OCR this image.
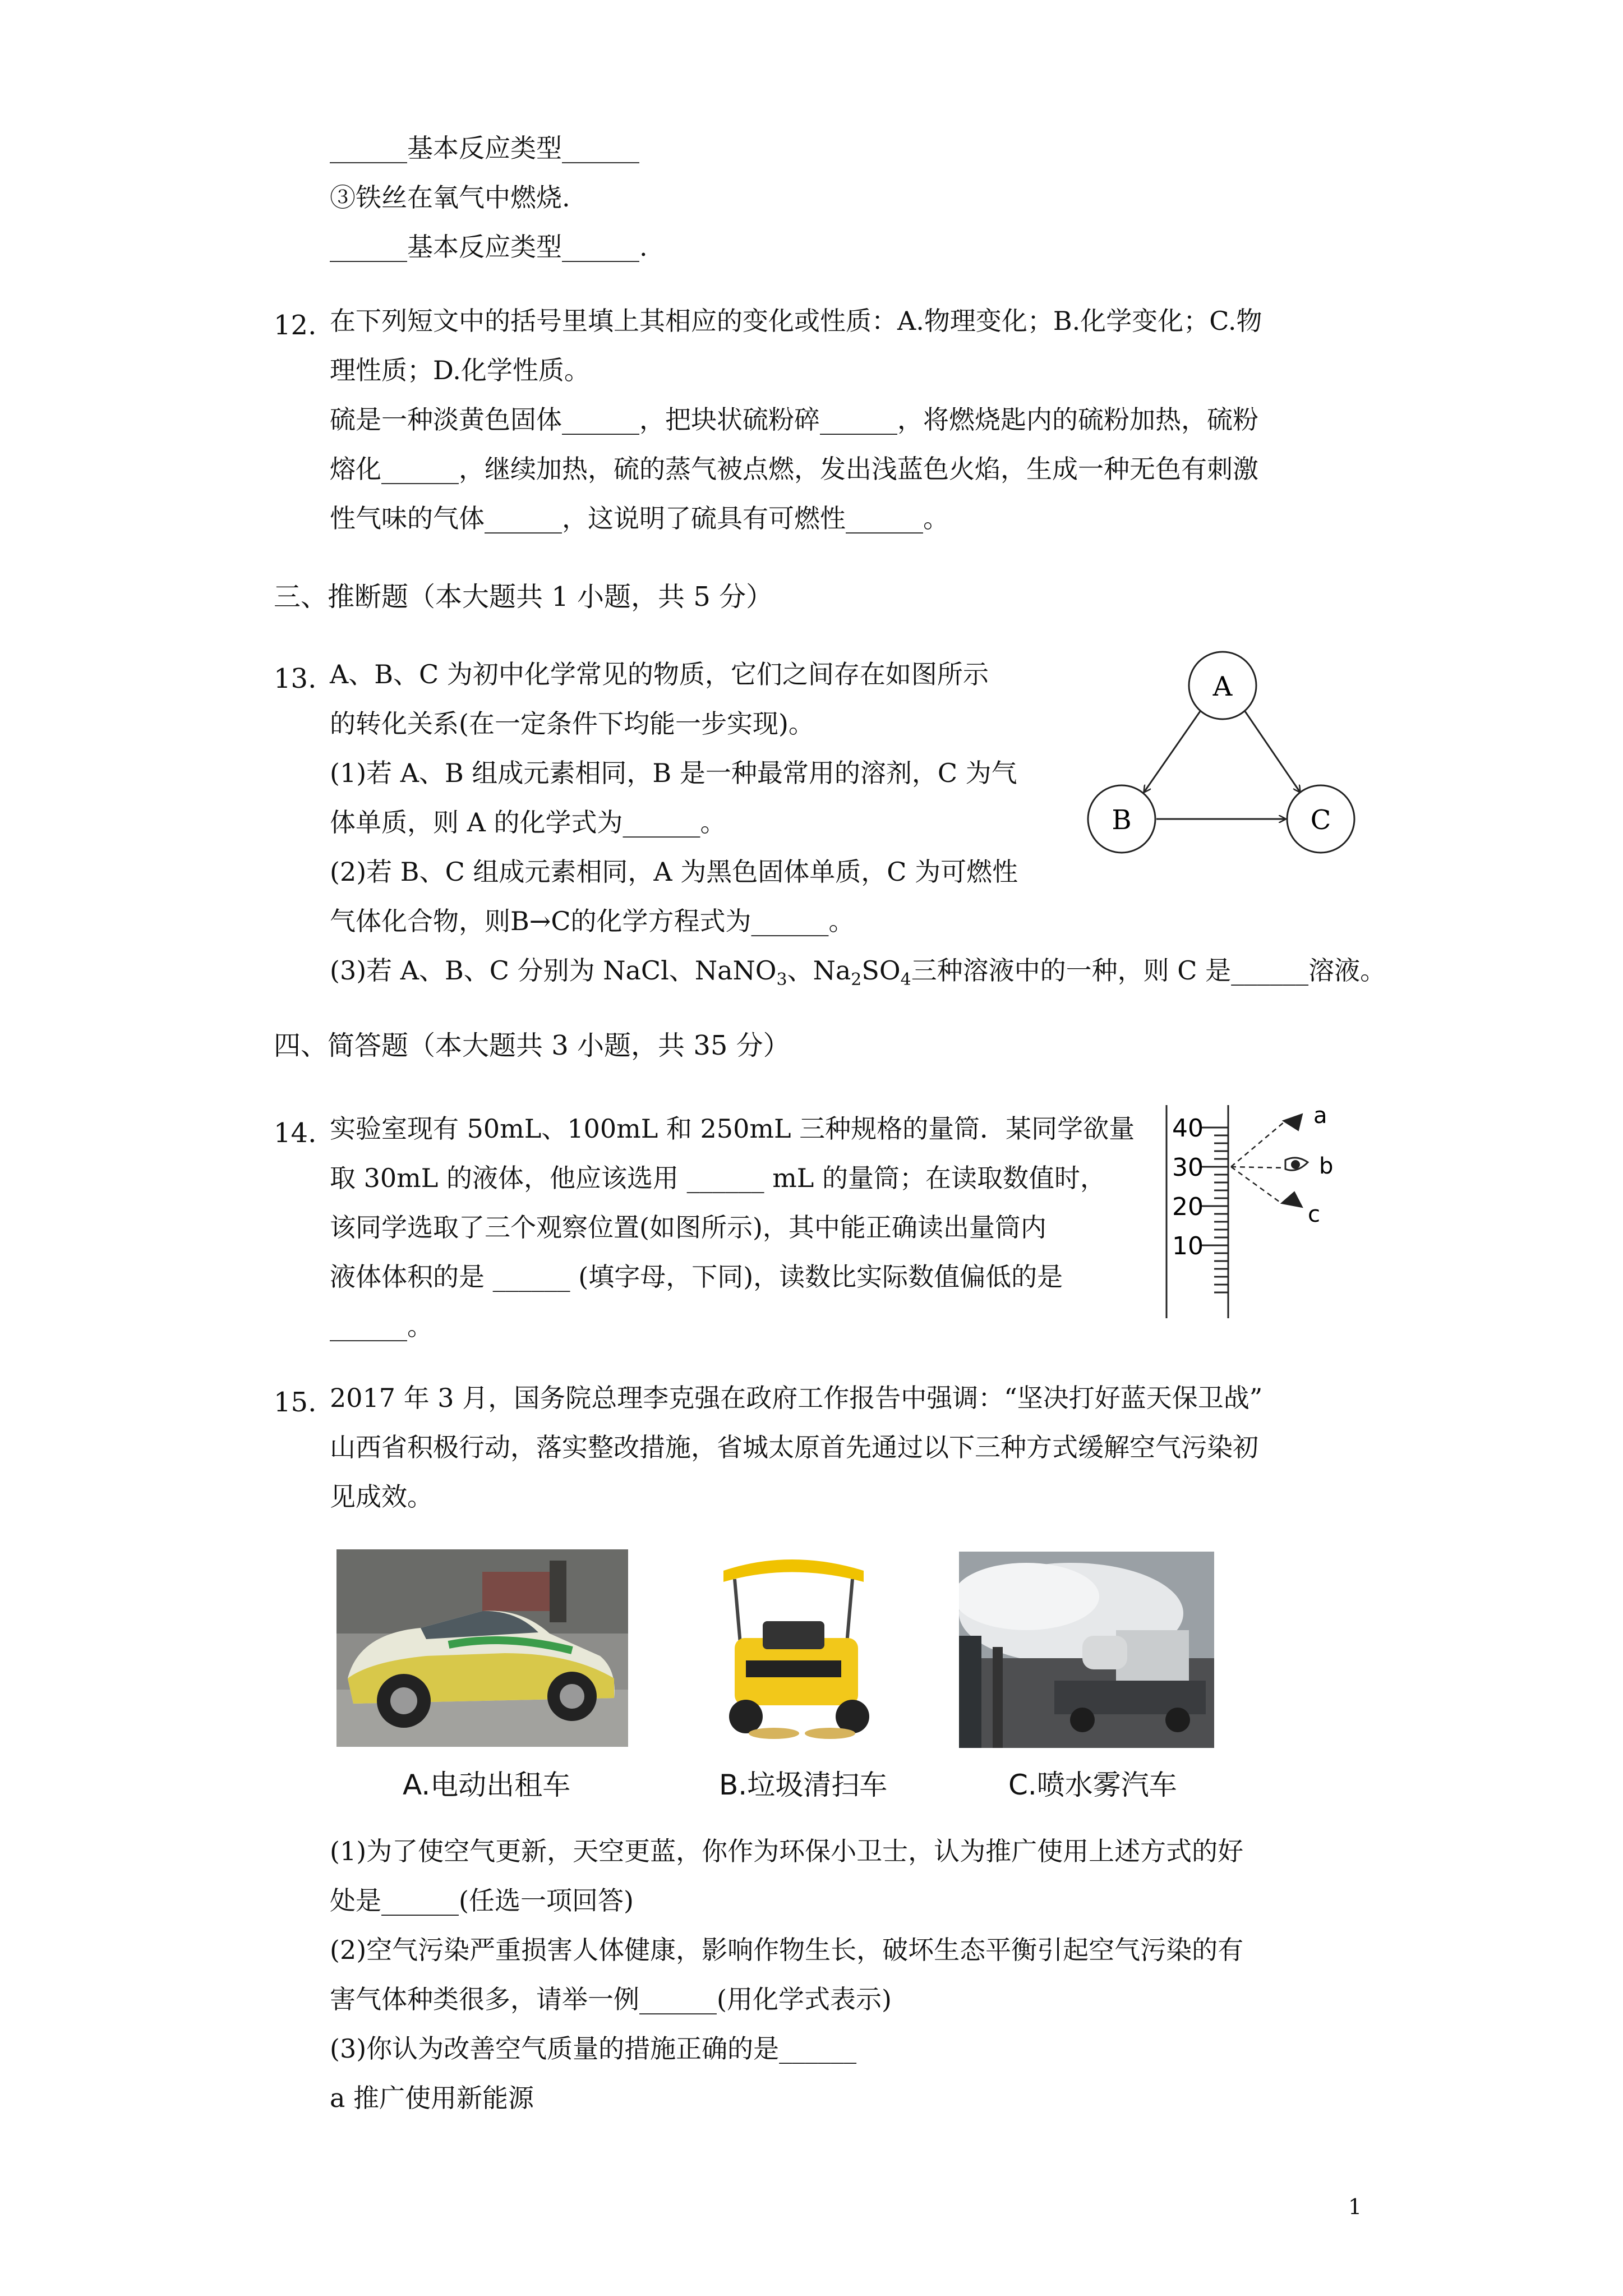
______基本反应类型______
③铁丝在氧气中燃烧.
______基本反应类型______.
12. 在下列短文中的括号里填上其相应的变化或性质：A.物理变化；B.化学变化；C.物
理性质；D.化学性质。
硫是一种淡黄色固体______，把块状硫粉碎______，将燃烧匙内的硫粉加热，硫粉
熔化______，继续加热，硫的蒸气被点燃，发出浅蓝色火焰，生成一种无色有刺激
性气味的气体______，这说明了硫具有可燃性______。
三、推断题（本大题共 1 小题，共 5 分）
13. A、B、C 为初中化学常见的物质，它们之间存在如图所示
的转化关系(在一定条件下均能一步实现)。
(1)若 A、B 组成元素相同，B 是一种最常用的溶剂，C 为气
体单质，则 A 的化学式为______。
(2)若 B、C 组成元素相同，A 为黑色固体单质，C 为可燃性
气体化合物，则B→C的化学方程式为______。
(3)若 A、B、C 分别为 NaCl、NaNO$_3$、$Na_2SO_4$三种溶液中的一种，则 C 是______溶液。
A
B	C
四、简答题（本大题共 3 小题，共 35 分）
14. 实验室现有 50mL、100mL 和 250mL 三种规格的量筒．某同学欲量
取 30mL 的液体，他应该选用 ______ mL 的量筒；在读取数值时，
该同学选取了三个观察位置(如图所示)，其中能正确读出量筒内
液体体积的是 ______ (填字母，下同)，读数比实际数值偏低的是
______。
40
30
20
10
a
b
c
15. 2017 年 3 月，国务院总理李克强在政府工作报告中强调：“坚决打好蓝天保卫战”
山西省积极行动，落实整改措施，省城太原首先通过以下三种方式缓解空气污染初
见成效。
A.电动出租车	B.垃圾清扫车	C.喷水雾汽车
(1)为了使空气更新，天空更蓝，你作为环保小卫士，认为推广使用上述方式的好
处是______(任选一项回答)
(2)空气污染严重损害人体健康，影响作物生长，破坏生态平衡引起空气污染的有
害气体种类很多，请举一例______(用化学式表示)
(3)你认为改善空气质量的措施正确的是______
a 推广使用新能源
1
